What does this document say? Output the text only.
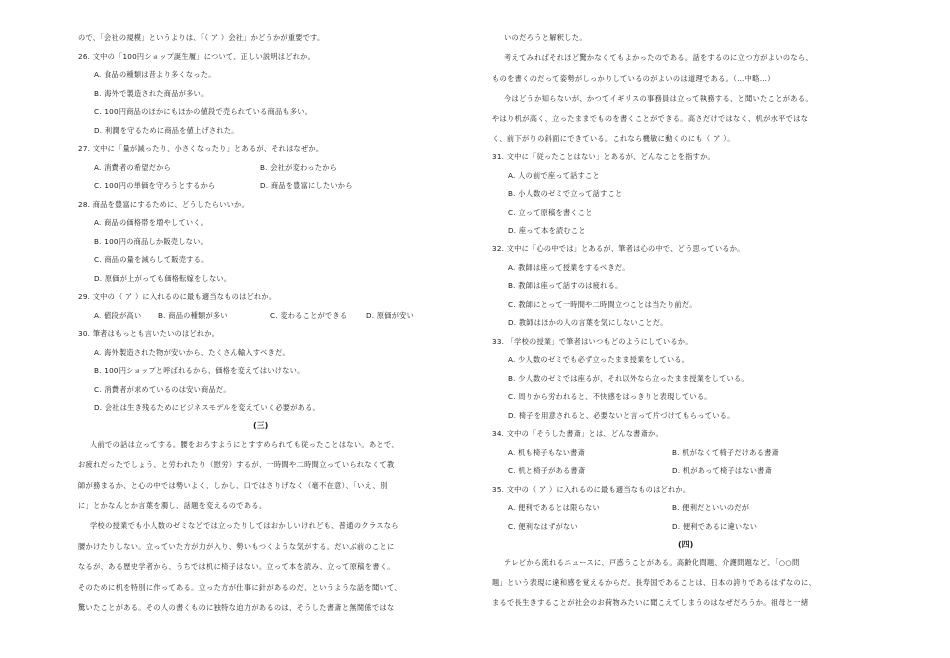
ので、「会社の規模」というよりは、「（ ア ）会社」かどうかが重要です。
26. 文中の「100円ショップ誕生履」について、正しい説明はどれか。
A. 食品の種類は昔より多くなった。
B. 海外で製造された商品が多い。
C. 100円商品のほかにもほかの値段で売られている商品も多い。
D. 利潤を守るために商品を値上げされた。
27. 文中に「量が減ったり、小さくなったり」とあるが、それはなぜか。
A. 消費者の希望だから	B. 会社が変わったから
C. 100円の単価を守ろうとするから	D. 商品を豊富にしたいから
28. 商品を豊富にするために、どうしたらいいか。
A. 商品の価格帯を増やしていく。
B. 100円の商品しか販売しない。
C. 商品の量を減らして販売する。
D. 原価が上がっても価格転嫁をしない。
29. 文中の（ ア ）に入れるのに最も適当なものはどれか。
A. 値段が高い B. 商品の種類が多い	C. 変わることができる	D. 原価が安い
30. 筆者はもっとも言いたいのはどれか。
A. 海外製造された物が安いから、たくさん輸入すべきだ。
B. 100円ショップと呼ばれるから、価格を変えてはいけない。
C. 消費者が求めているのは安い商品だ。
D. 会社は生き残るためにビジネスモデルを変えていく必要がある。
(三)
人前での話は立ってする。腰をおろすようにとすすめられても従ったことはない。あとで、
お疲れだったでしょう、と労われたり（慰労）するが、一時間や二時間立っていられなくて教
師が務まるか、と心の中では勢いよく、しかし、口ではさりげなく（毫不在意）、「いえ、別
に」とかなんとか言葉を濁し、話題を変えるのである。
学校の授業でも小人数のゼミなどでは立ったりしてはおかしいけれども、普通のクラスなら
腰かけたりしない。立っていた方が力が入り、勢いもつくような気がする。だいぶ前のことに
なるが、ある歴史学者から、うちでは机に椅子はない。立って本を読み、立って原稿を書く。
そのために机を特別に作ってある。立った方が仕事に針があるのだ、というような話を聞いて、
驚いたことがある。その人の書くものに独特な迫力があるのは、そうした書斎と無関係ではな
いのだろうと解釈した。
考えてみればそれほど驚かなくてもよかったのである。話をするのに立つ方がよいのなら、
ものを書くのだって姿勢がしっかりしているのがよいのは道理である。（…中略…）
今はどうか知らないが、かつてイギリスの事務員は立って執務する、と聞いたことがある。
やはり机が高く、立ったままでものを書くことができる。高さだけではなく、机が水平ではな
く、前下がりの斜面にできている。これなら機敏に動くのにも（ ア ）。
31. 文中に「従ったことはない」とあるが、どんなことを指すか。
A. 人の前で座って話すこと
B. 小人数のゼミで立って話すこと
C. 立って原稿を書くこと
D. 座って本を読むこと
32. 文中に「心の中では」とあるが、筆者は心の中で、どう思っているか。
A. 教師は座って授業をするべきだ。
B. 教師は座って話すのは疲れる。
C. 教師にとって一時間や二時間立つことは当たり前だ。
D. 教師はほかの人の言葉を気にしないことだ。
33. 「学校の授業」で筆者はいつもどのようにしているか。
A. 少人数のゼミでも必ず立ったまま授業をしている。
B. 少人数のゼミでは座るが、それ以外なら立ったまま授業をしている。
C. 周りから労われると、不快感をはっきりと表現している。
D. 椅子を用意されると、必要ないと言って片づけてもらっている。
34. 文中の「そうした書斎」とは、どんな書斎か。
A. 机も椅子もない書斎	B. 机がなくて椅子だけある書斎
C. 机と椅子がある書斎	D. 机があって椅子はない書斎
35. 文中の（ ア ）に入れるのに最も適当なものはどれか。
A. 便利であるとは限らない	B. 便利だといいのだが
C. 便利なはずがない	D. 便利であるに違いない
(四)
テレビから流れるニュースに、戸惑うことがある。高齢化問題、介護問題など、「○○問
題」という表現に違和感を覚えるからだ。長寿国であることは、日本の誇りであるはずなのに、
まるで長生きすることが社会のお荷物みたいに聞こえてしまうのはなぜだろうか。祖母と一緒
